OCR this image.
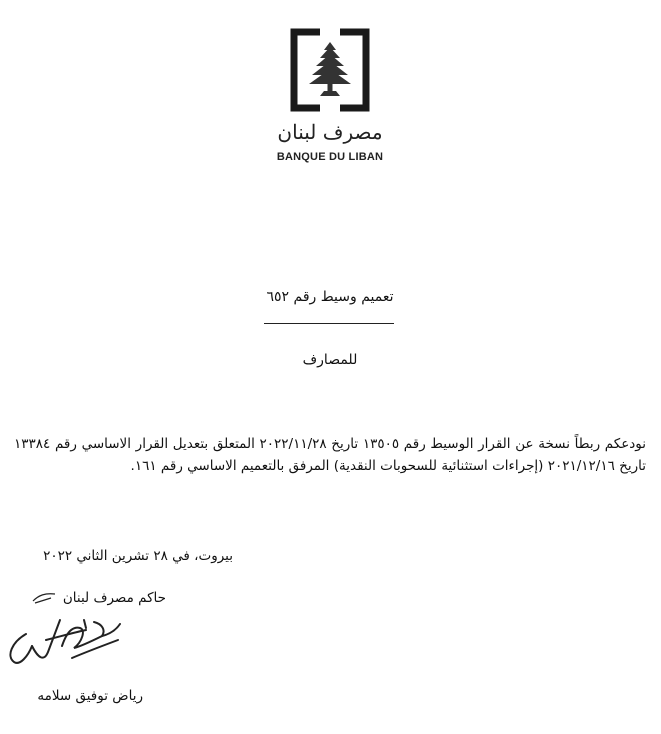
مصرف لبنان
BANQUE DU LIBAN
تعميم وسيط رقم ٦٥٢
للمصارف
نودعكم ربطاً نسخة عن القرار الوسيط رقم ١٣٥٠٥ تاريخ ٢٠٢٢/١١/٢٨ المتعلق بتعديل القرار الاساسي رقم ١٣٣٨٤ تاريخ ٢٠٢١/١٢/١٦ (إجراءات استثنائية للسحوبات النقدية) المرفق بالتعميم الاساسي رقم ١٦١.
بيروت، في ٢٨ تشرين الثاني ٢٠٢٢
حاكم مصرف لبنان
رياض توفيق سلامه
